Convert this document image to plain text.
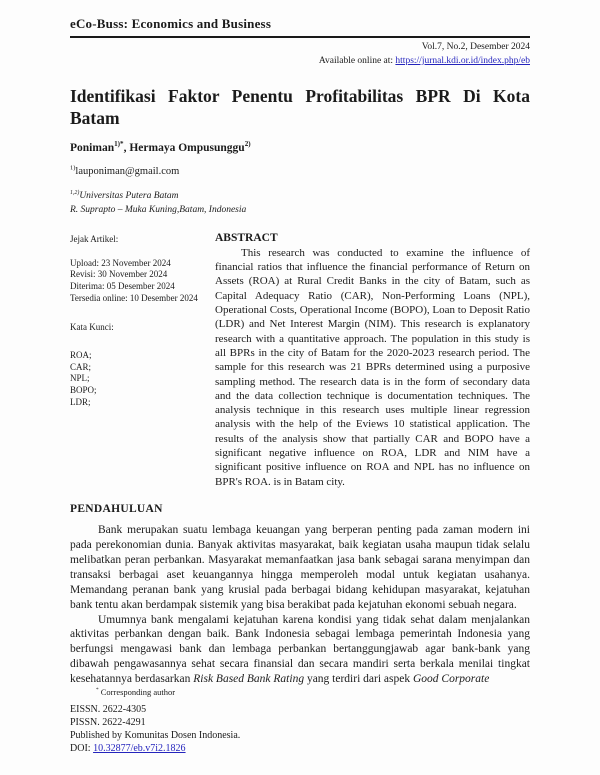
eCo-Buss: Economics and Business
Vol.7, No.2, Desember 2024
Available online at: https://jurnal.kdi.or.id/index.php/eb
Identifikasi Faktor Penentu Profitabilitas BPR Di Kota Batam
Poniman$^{1)*}$, Hermaya Ompusunggu$^{2)}$
$^{1)}$lauponiman@gmail.com
$^{1,2)}$Universitas Putera Batam
R. Suprapto – Muka Kuning,Batam, Indonesia
Jejak Artikel:
Upload: 23 November 2024
Revisi: 30 November 2024
Diterima: 05 Desember 2024
Tersedia online: 10 Desember 2024
Kata Kunci:
ROA;
CAR;
NPL;
BOPO;
LDR;
ABSTRACT

This research was conducted to examine the influence of financial ratios that influence the financial performance of Return on Assets (ROA) at Rural Credit Banks in the city of Batam, such as Capital Adequacy Ratio (CAR), Non-Performing Loans (NPL), Operational Costs, Operational Income (BOPO), Loan to Deposit Ratio (LDR) and Net Interest Margin (NIM). This research is explanatory research with a quantitative approach. The population in this study is all BPRs in the city of Batam for the 2020-2023 research period. The sample for this research was 21 BPRs determined using a purposive sampling method. The research data is in the form of secondary data and the data collection technique is documentation techniques. The analysis technique in this research uses multiple linear regression analysis with the help of the Eviews 10 statistical application. The results of the analysis show that partially CAR and BOPO have a significant negative influence on ROA, LDR and NIM have a significant positive influence on ROA and NPL has no influence on BPR's ROA. is in Batam city.

PENDAHULUAN

Bank merupakan suatu lembaga keuangan yang berperan penting pada zaman modern ini pada perekonomian dunia. Banyak aktivitas masyarakat, baik kegiatan usaha maupun tidak selalu melibatkan peran perbankan. Masyarakat memanfaatkan jasa bank sebagai sarana menyimpan dan transaksi berbagai aset keuangannya hingga memperoleh modal untuk kegiatan usahanya. Memandang peranan bank yang krusial pada berbagai bidang kehidupan masyarakat, kejatuhan bank tentu akan berdampak sistemik yang bisa berakibat pada kejatuhan ekonomi sebuah negara.

Umumnya bank mengalami kejatuhan karena kondisi yang tidak sehat dalam menjalankan aktivitas perbankan dengan baik. Bank Indonesia sebagai lembaga pemerintah Indonesia yang berfungsi mengawasi bank dan lembaga perbankan bertanggungjawab agar bank-bank yang dibawah pengawasannya sehat secara finansial dan secara mandiri serta berkala menilai tingkat kesehatannya berdasarkan Risk Based Bank Rating yang terdiri dari aspek Good Corporate

* Corresponding author
EISSN. 2622-4305
PISSN. 2622-4291
Published by Komunitas Dosen Indonesia.
DOI: 10.32877/eb.v7i2.1826
